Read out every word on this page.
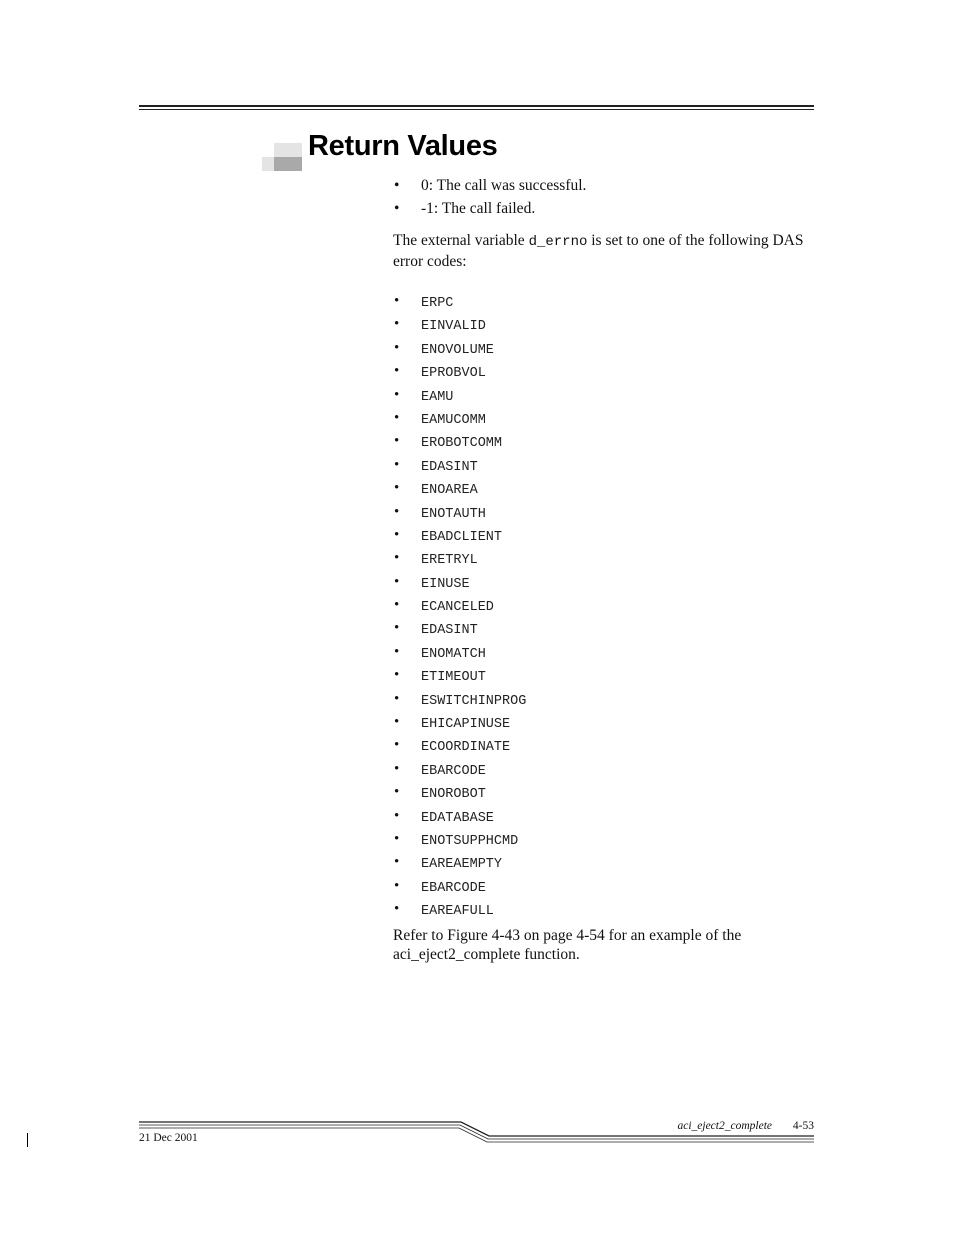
Return Values
• 0: The call was successful.
• -1: The call failed.

The external variable d_errno is set to one of the following DAS error codes:

• ERPC
• EINVALID
• ENOVOLUME
• EPROBVOL
• EAMU
• EAMUCOMM
• EROBOTCOMM
• EDASINT
• ENOAREA
• ENOTAUTH
• EBADCLIENT
• ERETRYL
• EINUSE
• ECANCELED
• EDASINT
• ENOMATCH
• ETIMEOUT
• ESWITCHINPROG
• EHICAPINUSE
• ECOORDINATE
• EBARCODE
• ENOROBOT
• EDATABASE
• ENOTSUPPHCMD
• EAREAEMPTY
• EBARCODE
• EAREAFULL

Refer to Figure 4-43 on page 4-54 for an example of the aci_eject2_complete function.

aci_eject2_complete 4-53
21 Dec 2001
